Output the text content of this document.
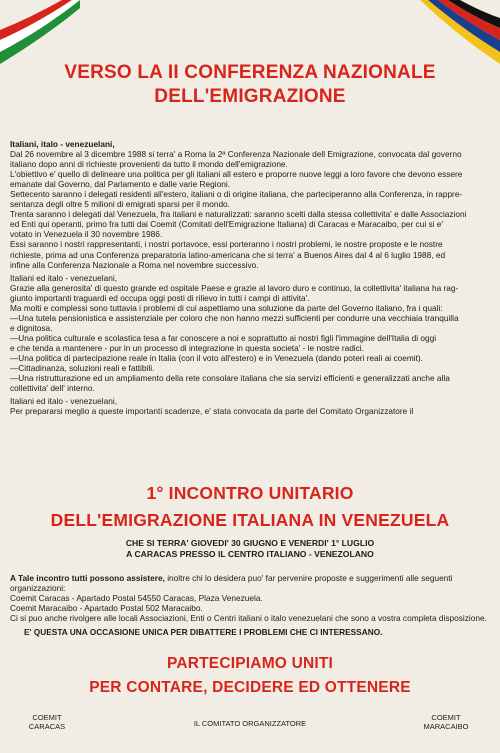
VERSO LA II CONFERENZA NAZIONALE
DELL'EMIGRAZIONE

Italiani, italo - venezuelani,

Dal 26 novembre al 3 dicembre 1988 si terra' a Roma la 2ª Conferenza Nazionale dell Emigrazione, convocata dal governo

italiano dopo anni di richieste provenienti da tutto il mondo dell'emigrazione.

L'obiettivo e' quello di delineare una politica per gli italiani all estero e proporre nuove leggi a loro favore che devono essere

emanate dal Governo, dal Parlamento e dalle varie Regioni.

Settecento saranno i delegati residenti all'estero, italiani o di origine italiana, che parteciperanno alla Conferenza, in rappre-

sentanza degli oltre 5 milioni di emigrati sparsi per il mondo.

Trenta saranno i delegati dal Venezuela, fra italiani e naturalizzati: saranno scelti dalla stessa collettivita' e dalle Associazioni

ed Enti qui operanti, primo fra tutti dai Coemit (Comitati dell'Emigrazione Italiana) di Caracas e Maracaibo, per cui si e'

votato in Venezuela il 30 novembre 1986.

Essi saranno i nostri rappresentanti, i nostri portavoce, essi porteranno i nostri problemi, le nostre proposte e le nostre

richieste, prima ad una Conferenza preparatoria latino-americana che si terra' a Buenos Aires dal 4 al 6 luglio 1988, ed

infine alla Conferenza Nazionale a Roma nel novembre successivo.

Italiani ed italo - venezuelani,

Grazie alla generosita' di questo grande ed ospitale Paese e grazie al lavoro duro e continuo, la collettivita' italiana ha rag-

giunto importanti traguardi ed occupa oggi posti di rilievo in tutti i campi di attivita'.

Ma molti e complessi sono tuttavia i problemi di cui aspettiamo una soluzione da parte del Governo italiano, fra i quali:

—Una tutela pensionistica e assistenziale per coloro che non hanno mezzi sufficienti per condurre una vecchiaia tranquilla

e dignitosa.

—Una politica culturale e scolastica tesa a far conoscere a noi e soprattutto ai nostri figli l'immagine dell'Italia di oggi

e che tenda a mantenere - pur in un processo di integrazione in questa societa' - le nostre radici.

—Una politica di partecipazione reale in Italia (con il voto all'estero) e in Venezuela (dando poteri reali ai coemit).

—Cittadinanza, soluzioni reali e fattibili.

—Una ristrutturazione ed un ampliamento della rete consolare italiana che sia servizi efficienti e generalizzati anche alla

collettivita' dell' interno.

Italiani ed italo - venezuelani,

Per prepararsi meglio a queste importanti scadenze, e' stata convocata da parte del Comitato Organizzatore il

1° INCONTRO UNITARIO
DELL'EMIGRAZIONE ITALIANA IN VENEZUELA
CHE SI TERRA' GIOVEDI' 30 GIUGNO E VENERDI' 1° LUGLIO
A CARACAS PRESSO IL CENTRO ITALIANO - VENEZOLANO

A Tale incontro tutti possono assistere, inoltre chi lo desidera puo' far pervenire proposte e suggerimenti alle seguenti

organizzazioni:

Coemit Caracas - Apartado Postal 54550 Caracas, Plaza Venezuela.

Coemit Maracaibo - Apartado Postal 502 Maracaibo.

Ci si puo anche rivolgere alle locali Associazioni, Enti o Centri italiani o italo venezuelani che sono a vostra completa disposizione.

E' QUESTA UNA OCCASIONE UNICA PER DIBATTERE I PROBLEMI CHE CI INTERESSANO.

PARTECIPIAMO UNITI
PER CONTARE, DECIDERE ED OTTENERE
COEMIT
CARACAS	IL COMITATO ORGANIZZATORE
COEMIT
MARACAIBO
